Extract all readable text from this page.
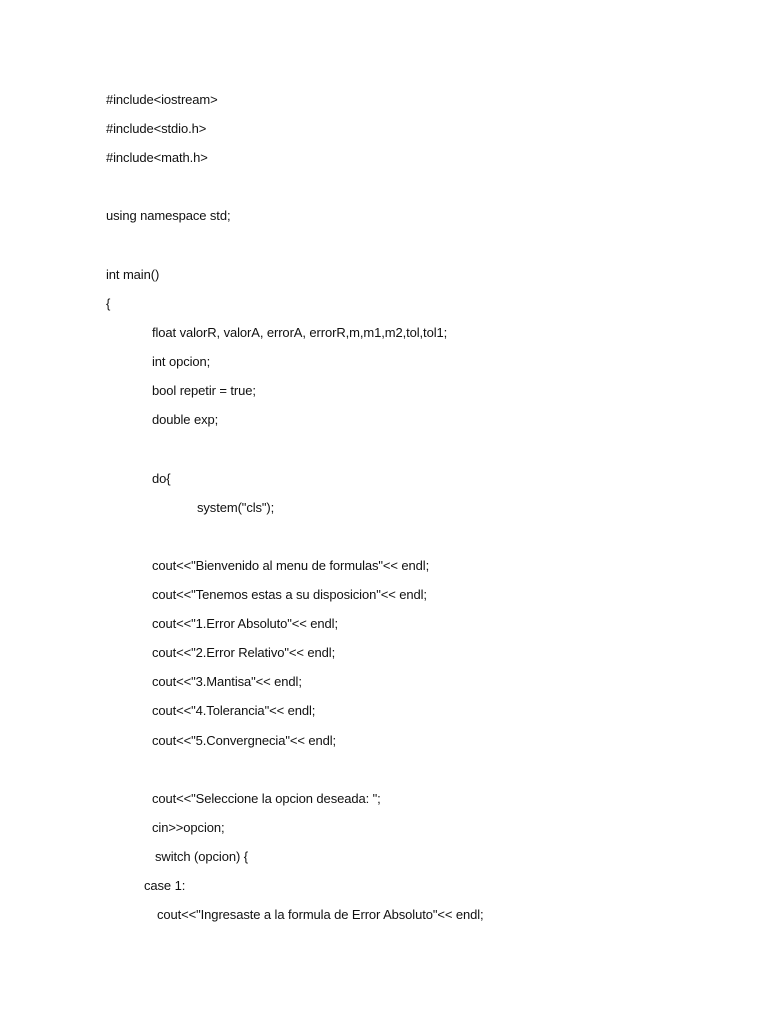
#include<iostream>

#include<stdio.h>

#include<math.h>

using namespace std;

int main()

{

float valorR, valorA, errorA, errorR,m,m1,m2,tol,tol1;

int opcion;

bool repetir = true;

double exp;

do{

system("cls");

cout<<"Bienvenido al menu de formulas"<< endl;

cout<<"Tenemos estas a su disposicion"<< endl;

cout<<"1.Error Absoluto"<< endl;

cout<<"2.Error Relativo"<< endl;

cout<<"3.Mantisa"<< endl;

cout<<"4.Tolerancia"<< endl;

cout<<"5.Convergnecia"<< endl;

cout<<"Seleccione la opcion deseada: ";

cin>>opcion;

switch (opcion) {

case 1:

cout<<"Ingresaste a la formula de Error Absoluto"<< endl;
